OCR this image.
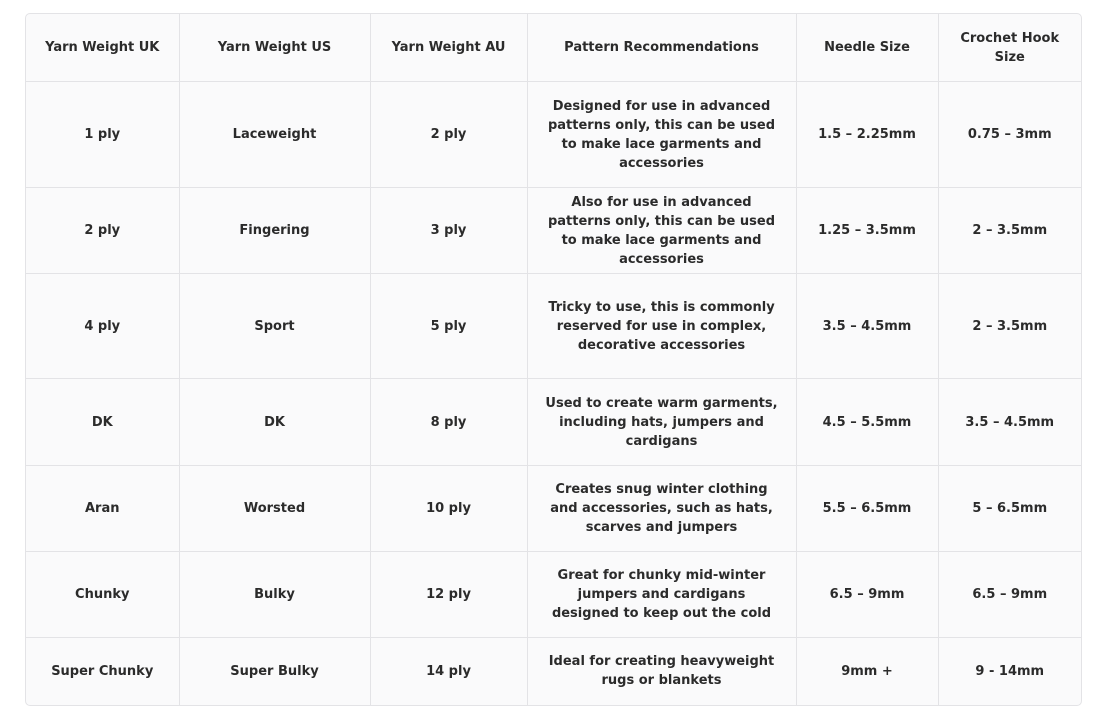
Yarn Weight UK	Yarn Weight US	Yarn Weight AU	Pattern Recommendations	Needle Size	Crochet Hook Size
1 ply	Laceweight	2 ply	Designed for use in advanced patterns only, this can be used to make lace garments and accessories	1.5 – 2.25mm	0.75 – 3mm
2 ply	Fingering	3 ply	Also for use in advanced patterns only, this can be used to make lace garments and accessories	1.25 – 3.5mm	2 – 3.5mm
4 ply	Sport	5 ply	Tricky to use, this is commonly reserved for use in complex, decorative accessories	3.5 – 4.5mm	2 – 3.5mm
DK	DK	8 ply	Used to create warm garments, including hats, jumpers and cardigans	4.5 – 5.5mm	3.5 – 4.5mm
Aran	Worsted	10 ply	Creates snug winter clothing and accessories, such as hats, scarves and jumpers	5.5 – 6.5mm	5 – 6.5mm
Chunky	Bulky	12 ply	Great for chunky mid-winter jumpers and cardigans designed to keep out the cold	6.5 – 9mm	6.5 – 9mm
Super Chunky	Super Bulky	14 ply	Ideal for creating heavyweight rugs or blankets	9mm +	9 - 14mm
